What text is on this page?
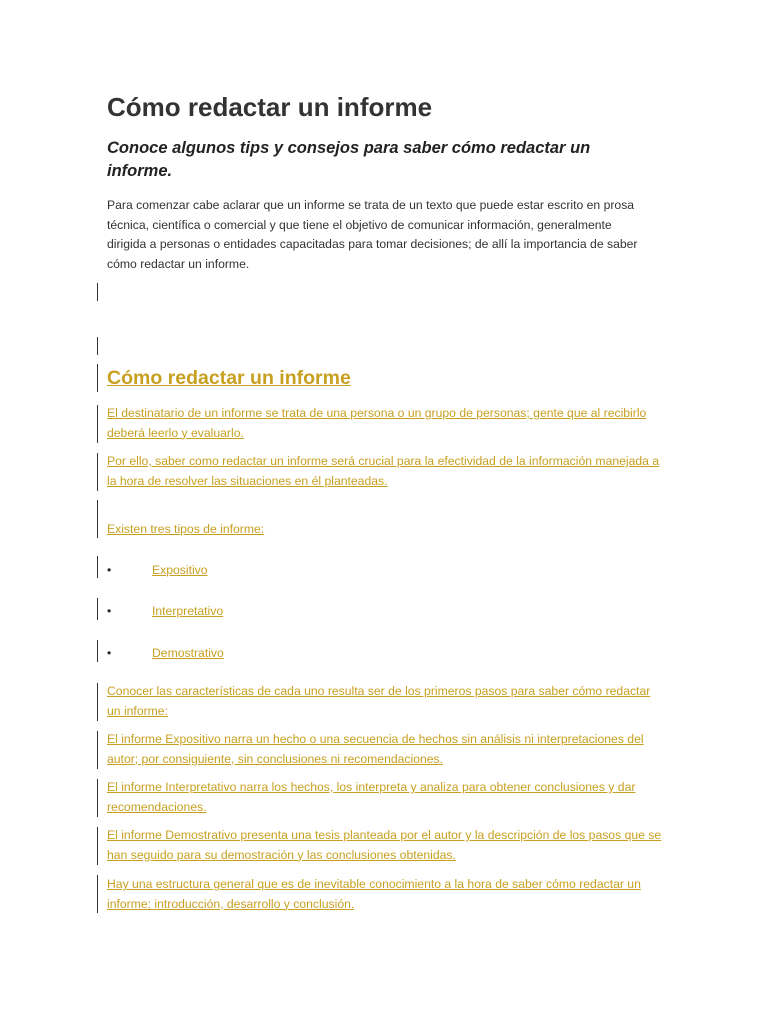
Cómo redactar un informe
Conoce algunos tips y consejos para saber cómo redactar un informe.

Para comenzar cabe aclarar que un informe se trata de un texto que puede estar escrito en prosa técnica, científica o comercial y que tiene el objetivo de comunicar información, generalmente dirigida a personas o entidades capacitadas para tomar decisiones; de allí la importancia de saber cómo redactar un informe.

Cómo redactar un informe
El destinatario de un informe se trata de una persona o un grupo de personas; gente que al recibirlo deberá leerlo y evaluarlo.
Por ello, saber como redactar un informe será crucial para la efectividad de la información manejada a la hora de resolver las situaciones en él planteadas.
Existen tres tipos de informe:
•	Expositivo
•	Interpretativo
•	Demostrativo
Conocer las características de cada uno resulta ser de los primeros pasos para saber cómo redactar un informe:
El informe Expositivo narra un hecho o una secuencia de hechos sin análisis ni interpretaciones del autor; por consiguiente, sin conclusiones ni recomendaciones.
El informe Interpretativo narra los hechos, los interpreta y analiza para obtener conclusiones y dar recomendaciones.
El informe Demostrativo presenta una tesis planteada por el autor y la descripción de los pasos que se han seguido para su demostración y las conclusiones obtenidas.
Hay una estructura general que es de inevitable conocimiento a la hora de saber cómo redactar un informe: introducción, desarrollo y conclusión.
